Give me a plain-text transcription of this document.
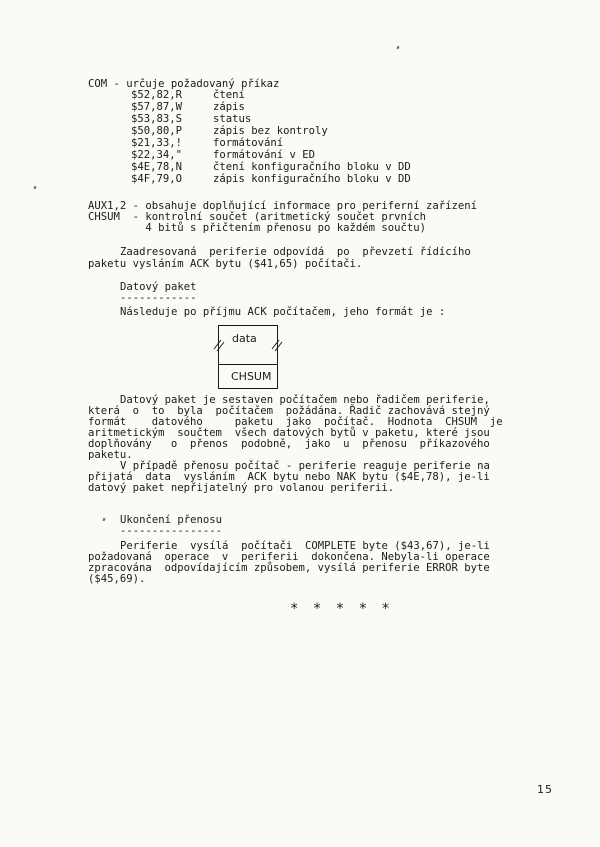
COM - určuje požadovaný příkaz
$52,82,R	čtení
$57,87,W	zápis
$53,83,S	status
$50,80,P	zápis bez kontroly
$21,33,!	formátování
$22,34,"	formátování v ED
$4E,78,N	čtení konfiguračního bloku v DD
$4F,79,O	zápis konfiguračního bloku v DD
AUX1,2 - obsahuje doplňující informace pro periferní zařízení
CHSUM  - kontrolní součet (aritmetický součet prvních
4 bitů s přičtením přenosu po každém součtu)
Zaadresovaná  periferie odpovídá  po  převzetí řídícího
paketu vysláním ACK bytu ($41,65) počítači.
Datový paket
------------
Následuje po příjmu ACK počítačem, jeho formát je :
data
CHSUM
Datový paket je sestaven počítačem nebo řadičem periferie,
která  o  to  byla  počítačem  požádána. Řadič zachovává stejný
formát    datového     paketu  jako  počítač.  Hodnota  CHSUM  je
aritmetickým  součtem  všech datových bytů v paketu, které jsou
doplňovány   o  přenos  podobně,  jako  u  přenosu  příkazového
paketu.
V případě přenosu počítač - periferie reaguje periferie na
přijatá  data  vysláním  ACK bytu nebo NAK bytu ($4E,78), je-li
datový paket nepřijatelný pro volanou periferii.
Ukončení přenosu
----------------
Periferie  vysílá  počítači  COMPLETE byte ($43,67), je-li
požadovaná  operace  v  periferii  dokončena. Nebyla-li operace
zpracována  odpovídajícím způsobem, vysílá periferie ERROR byte
($45,69).
* * * * *
15
